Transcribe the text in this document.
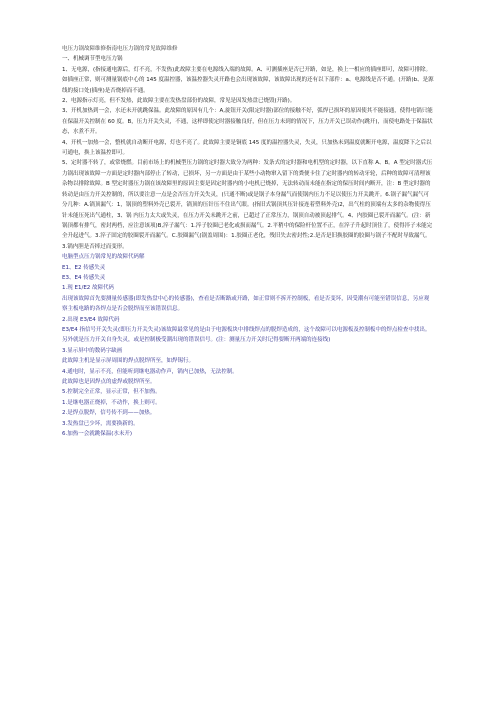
电压力锅故障维修指南电压力锅的常见故障维修

一、机械调节型电压力锅

1、无电源，(指接通电源后，灯不亮，不发热)此故障主要在电源线入端的故障。A、可测插座是否已开路，如是，换上一相应的插座即可，故障可排除。如插座正常，则可测量锅底中心的 145 度温控器，该温控器失灵开路也会出现该故障，该故障出现的还有以下部件：a、电源线是否不通。(开路)b、是源线的接口处(插座)是否烧掉而不通。

2、电源指示灯亮，但不发热，此故障主要在发热盘部份的故障，常见是因发热盘已烧毁(开路)。

3、开机加热到一会，水还未开就跳保温。此故障的原因有几个：A,旋钮开关(限定时器)部位的接触不好，弧焊已损坏的原因使其不能接通，使得电锅只能在保温开关控制在 60 度。B，压力开关失灵，不通，这样即使定时器接触良好，但在压力未到的情况下，压力开关已误动作(跳开)，而使电路处于保温状态，水煮不开。

4、开机一加热一会，整机就自动断开电源，灯也不亮了。此故障主要是铜底 145 度的温控器失灵，失灵，只加热未到温度就断开电源，温度降下之后以可通电，换上该温控即可。

5、定时器不转了，或常烧燃。目前市场上的机械型压力锅的定时器大致分为两种：发条式的定时器和电机型的定时器，以下直称 A、B。A 型定时器式压力锅出现该故障一方面是定时器内部停止了转动，已损坏，另一方面是由于某些小动物窜入留下的粪便卡住了定时器内的转动牙轮，后种的故障可清理该杂物以排除故障。B 型定时器压力锅在该故障里的原因主要是因定时器内的小电机已烧掉，无法转动而未能在指定的保压时间内断开，注：B 型定时器的转动是由压力开关控制的，所以要注意一点是会否压力开关失灵，(只通不断)或是锅子本身漏气而使锅内压力不足以使压力开关跳开。6.锅子漏气漏气可分几种：A.锅顶漏气：1，锅顶的塑料外壳已裂开，锅顶的压针压不住出气眼。(指旧式锅顶其压针接连着塑料外壳)2，出气柱的顶端有太多的杂物使得压针未能压死出气通柱，3、锅 内压力太大或失灵，在压力开关未跳开之前，已超过了正常压力，锅顶自动被顶起排气。4、内胶圈已裂开而漏气。(注：新锅顶都有排气，密封两档，应注意该项)B,淬子漏气：1.淬子胶圈已老化或损而漏气。2.平稍中的保险杆位置不正，在淬子升起时顶住了，使得淬子未能完全升起进气。3.淬子固定的胶圈裂开而漏气。C.胶圈漏气(锅盖周围)：1.胶圈正老化，残旧失去密封性;2.是否是旧换胶圈的胶圈与锅子不配时导致漏气。3.锅内胆是否摔过而变形。

电脑型点压力锅常见的故障代码解

E1、E2 传感失灵

E3、E4 传感失灵

1.现 E1/E2 故障代码

出现该故障首先要测量传感器(即发热盘中心的传感器)，查看是否断路或开路，如正常则不拆开控制板，看是否变坏，因受潮有可能至错误信息，另应观察主板电路的各焊点是否会脱焊而至该错误信息。

2.出现 E3/E4 故障代码

E3/E4 指信号开关失灵(即压力开关失灵)该故障最常见的是由于电源板块中排线焊点的脱焊造成的，这个故障可以电源板及控制板中的焊点检查中找出。另外就是压力开关自身失灵，或是控制极受潮出现的错误信号。(注：测量压力开关时记得要断开两端的连接线)

3.显示屏中的数码字缺画

此故障主机是显示屏周围的焊点脱焊所至，如焊锡行。

4.通电时，显示不亮，但能听到继电器动作声，锅内已加热，无法控制。

此故障也是因焊点的虚焊或脱焊所至。

5.控制完全正常，显示正常，但不加热。

1.是继电器正烧掉，不动作，换上则可。

2.是焊点脱焊，信号传不到——加热。

3.发热盘已少坏，需要换新的。

6.加热一会就跳保温(水未开)
